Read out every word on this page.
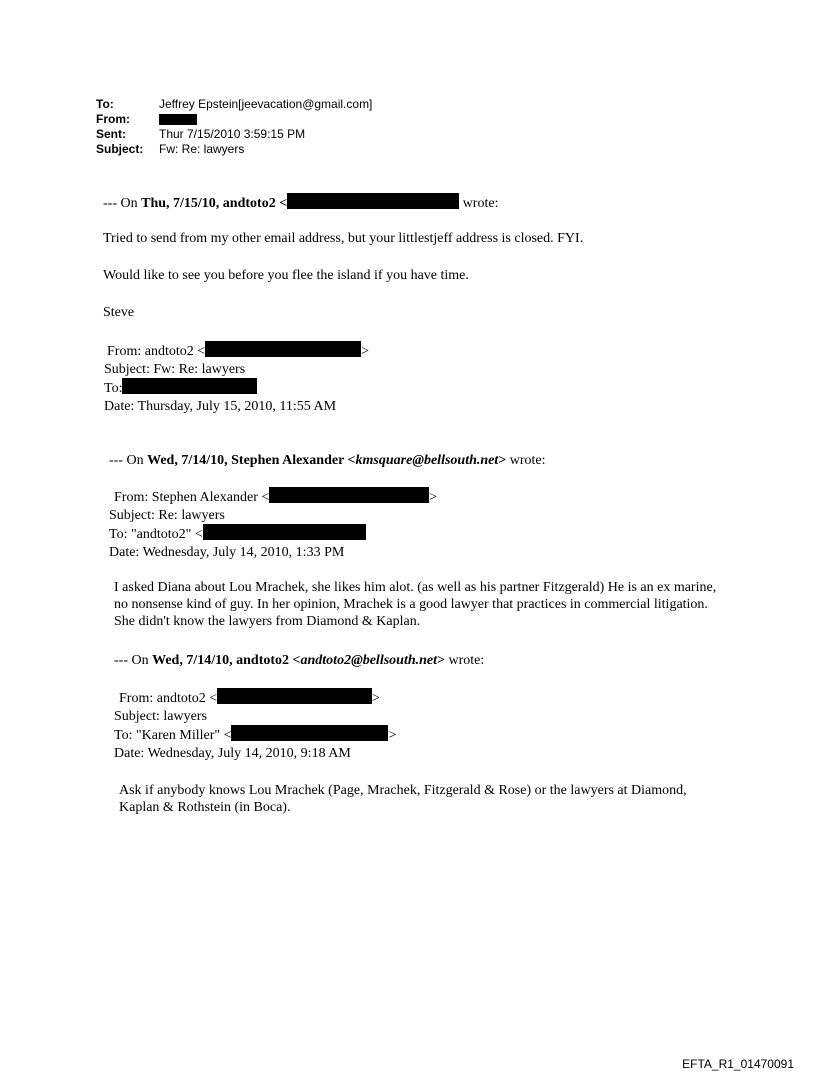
To:	Jeffrey Epstein[jeevacation@gmail.com]
From:
Sent:	Thur 7/15/2010 3:59:15 PM
Subject:	Fw: Re: lawyers
--- On Thu, 7/15/10, andtoto2 <	wrote:
Tried to send from my other email address, but your littlestjeff address is closed. FYI.
Would like to see you before you flee the island if you have time.
Steve
From: andtoto2 <	>
Subject: Fw: Re: lawyers
To:
Date: Thursday, July 15, 2010, 11:55 AM
--- On Wed, 7/14/10, Stephen Alexander <kmsquare@bellsouth.net> wrote:
From: Stephen Alexander <	>
Subject: Re: lawyers
To: "andtoto2" <
Date: Wednesday, July 14, 2010, 1:33 PM
I asked Diana about Lou Mrachek, she likes him alot. (as well as his partner Fitzgerald) He is an ex marine, no nonsense kind of guy. In her opinion, Mrachek is a good lawyer that practices in commercial litigation. She didn't know the lawyers from Diamond & Kaplan.
--- On Wed, 7/14/10, andtoto2 <andtoto2@bellsouth.net> wrote:
From: andtoto2 <	>
Subject: lawyers
To: "Karen Miller" <	>
Date: Wednesday, July 14, 2010, 9:18 AM
Ask if anybody knows Lou Mrachek (Page, Mrachek, Fitzgerald & Rose) or the lawyers at Diamond, Kaplan & Rothstein (in Boca).
EFTA_R1_01470091
